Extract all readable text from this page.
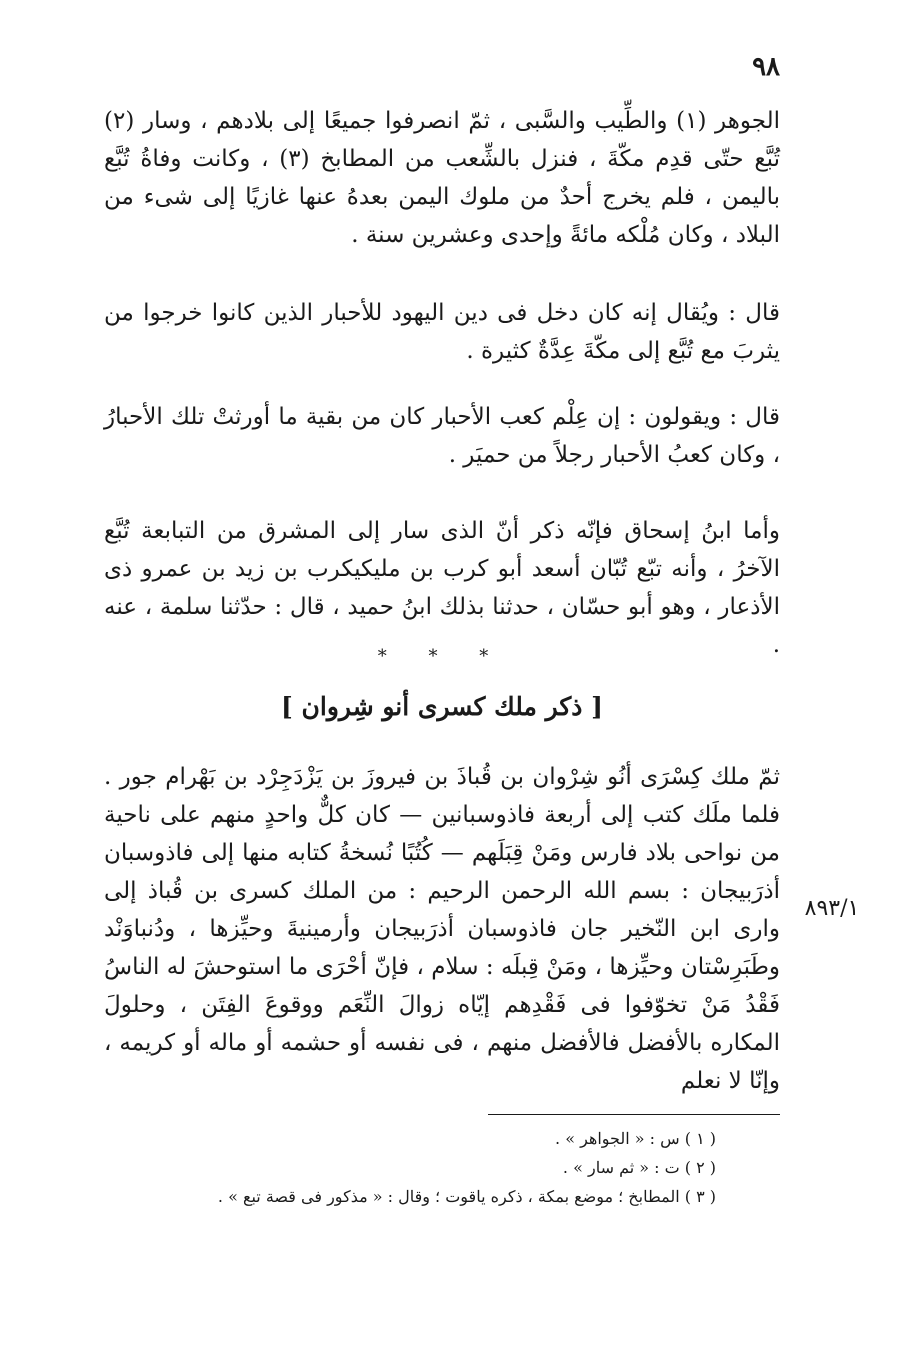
٩٨

الجوهر (١) والطِّيب والسَّبى ، ثمّ انصرفوا جميعًا إلى بلادهم ، وسار (٢) تُبَّع حتّى قدِم مكّةَ ، فنزل بالشِّعب من المطابخ (٣) ، وكانت وفاةُ تُبَّع باليمن ، فلم يخرج أحدٌ من ملوك اليمن بعدهُ عنها غازيًا إلى شىء من البلاد ، وكان مُلْكه مائةً وإحدى وعشرين سنة .

قال : ويُقال إنه كان دخل فى دين اليهود للأحبار الذين كانوا خرجوا من يثربَ مع تُبَّع إلى مكّةَ عِدَّةٌ كثيرة .

قال : ويقولون : إن عِلْم كعب الأحبار كان من بقية ما أورثتْ تلك الأحبارُ ، وكان كعبُ الأحبار رجلاً من حميَر .

وأما ابنُ إسحاق فإنّه ذكر أنّ الذى سار إلى المشرق من التبابعة تُبَّع الآخرُ ، وأنه تبّع تُبّان أسعد أبو كرب بن مليكيكرب بن زيد بن عمرو ذى الأذعار ، وهو أبو حسّان ، حدثنا بذلك ابنُ حميد ، قال : حدّثنا سلمة ، عنه .

* * *
[ ذكر ملك كسرى أنو شِروان ]

ثمّ ملك كِسْرَى أنُو شِرْوان بن قُباذَ بن فيروزَ بن يَزْدَجِرْد بن بَهْرام جور . فلما ملَك كتب إلى أربعة فاذوسبانين — كان كلٌّ واحدٍ منهم على ناحية من نواحى بلاد فارس ومَنْ قِبَلَهم — كُتُبًا نُسخةُ كتابه منها إلى فاذوسبان أذرَبيجان : بسم الله الرحمن الرحيم : من الملك كسرى بن قُباذ إلى وارى ابن النّخير جان فاذوسبان أذرَبيجان وأرمينيةَ وحيِّزها ، ودُنباوَنْد وطَبَرِسْتان وحيِّزها ، ومَنْ قِبلَه : سلام ، فإنّ أحْرَى ما استوحشَ له الناسُ فَقْدُ مَنْ تخوّفوا فى فَقْدِهم إيّاه زوالَ النِّعَم ووقوعَ الفِتَن ، وحلولَ المكاره بالأفضل فالأفضل منهم ، فى نفسه أو حشمه أو ماله أو كريمه ، وإنّا لا نعلم

٨٩٣/١

( ١ ) س : « الجواهر » .

( ٢ ) ت : « ثم سار » .

( ٣ ) المطابخ ؛ موضع بمكة ، ذكره ياقوت ؛ وقال : « مذكور فى قصة تبع » .
